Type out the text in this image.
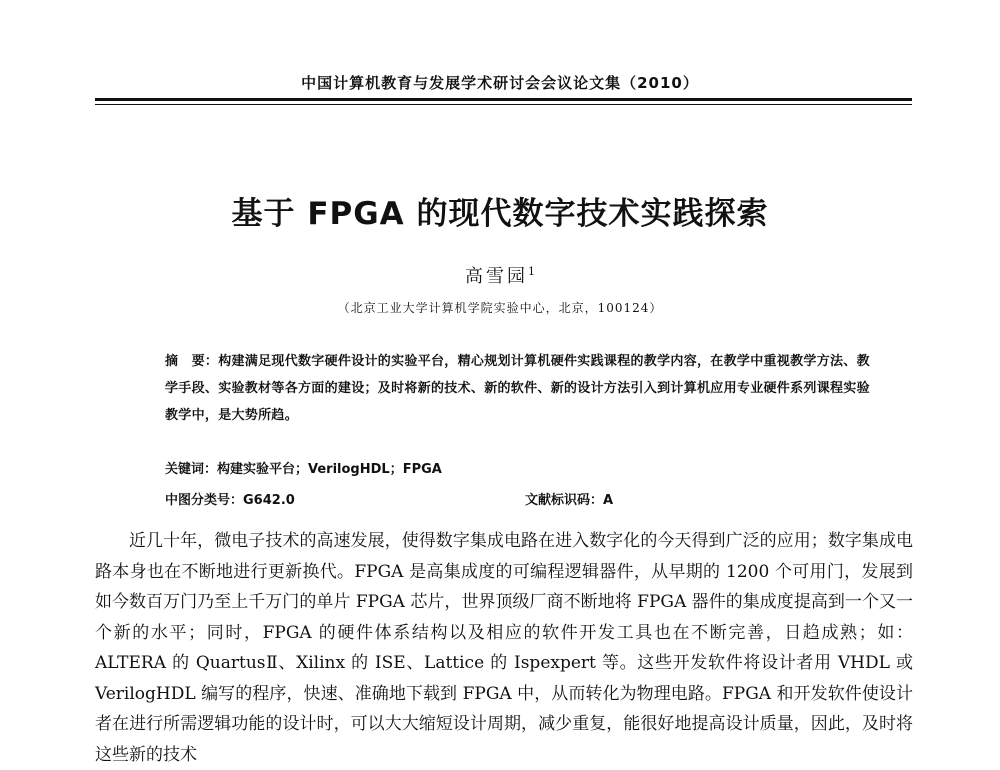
中国计算机教育与发展学术研讨会会议论文集（2010）
基于 FPGA 的现代数字技术实践探索
高雪园$^1$
（北京工业大学计算机学院实验中心，北京，100124）

摘　要：构建满足现代数字硬件设计的实验平台，精心规划计算机硬件实践课程的教学内容，在教学中重视教学方法、教学手段、实验教材等各方面的建设；及时将新的技术、新的软件、新的设计方法引入到计算机应用专业硬件系列课程实验教学中，是大势所趋。

关键词：构建实验平台；VerilogHDL；FPGA
中图分类号：G642.0	文献标识码：A

近几十年，微电子技术的高速发展，使得数字集成电路在进入数字化的今天得到广泛的应用；数字集成电路本身也在不断地进行更新换代。FPGA 是高集成度的可编程逻辑器件，从早期的 1200 个可用门，发展到如今数百万门乃至上千万门的单片 FPGA 芯片，世界顶级厂商不断地将 FPGA 器件的集成度提高到一个又一个新的水平；同时，FPGA 的硬件体系结构以及相应的软件开发工具也在不断完善，日趋成熟；如：ALTERA 的 QuartusⅡ、Xilinx 的 ISE、Lattice 的 Ispexpert 等。这些开发软件将设计者用 VHDL 或 VerilogHDL 编写的程序，快速、准确地下载到 FPGA 中，从而转化为物理电路。FPGA 和开发软件使设计者在进行所需逻辑功能的设计时，可以大大缩短设计周期，减少重复，能很好地提高设计质量，因此，及时将这些新的技术
